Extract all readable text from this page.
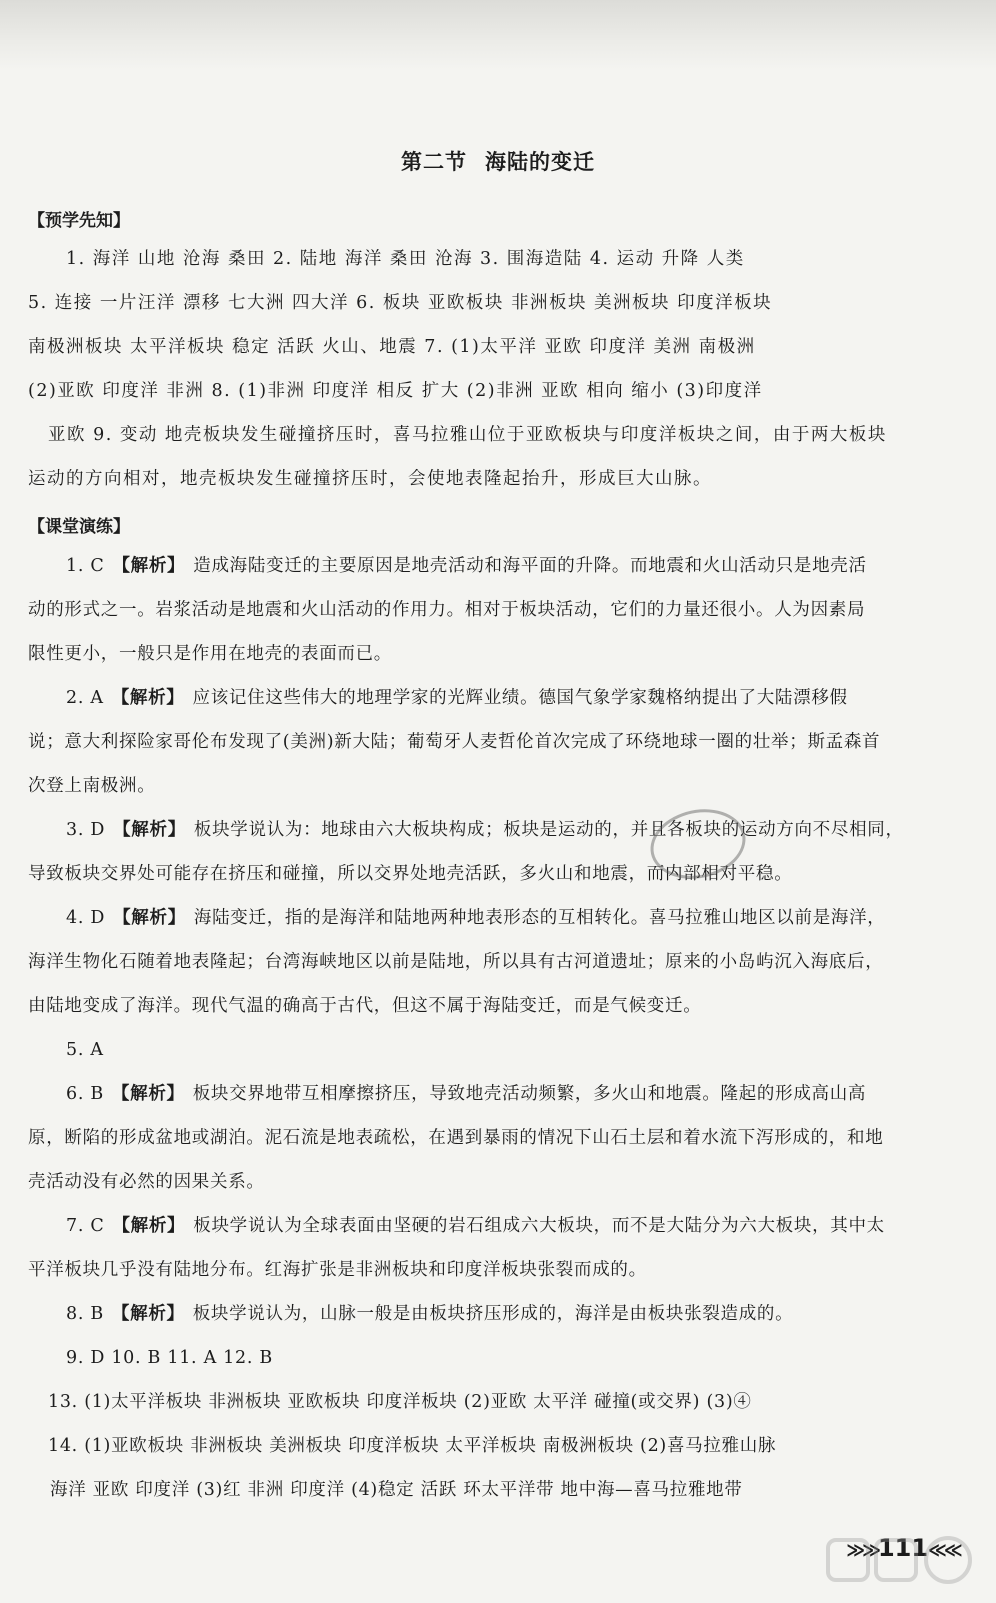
第二节 海陆的变迁
【预学先知】
1. 海洋 山地 沧海 桑田 2. 陆地 海洋 桑田 沧海 3. 围海造陆 4. 运动 升降 人类
5. 连接 一片汪洋 漂移 七大洲 四大洋 6. 板块 亚欧板块 非洲板块 美洲板块 印度洋板块
南极洲板块 太平洋板块 稳定 活跃 火山、地震 7. (1)太平洋 亚欧 印度洋 美洲 南极洲
(2)亚欧 印度洋 非洲 8. (1)非洲 印度洋 相反 扩大 (2)非洲 亚欧 相向 缩小 (3)印度洋
亚欧 9. 变动 地壳板块发生碰撞挤压时，喜马拉雅山位于亚欧板块与印度洋板块之间，由于两大板块
运动的方向相对，地壳板块发生碰撞挤压时，会使地表隆起抬升，形成巨大山脉。
【课堂演练】
1. C 【解析】 造成海陆变迁的主要原因是地壳活动和海平面的升降。而地震和火山活动只是地壳活
动的形式之一。岩浆活动是地震和火山活动的作用力。相对于板块活动，它们的力量还很小。人为因素局
限性更小，一般只是作用在地壳的表面而已。
2. A 【解析】 应该记住这些伟大的地理学家的光辉业绩。德国气象学家魏格纳提出了大陆漂移假
说；意大利探险家哥伦布发现了(美洲)新大陆；葡萄牙人麦哲伦首次完成了环绕地球一圈的壮举；斯孟森首
次登上南极洲。
3. D 【解析】 板块学说认为：地球由六大板块构成；板块是运动的，并且各板块的运动方向不尽相同，
导致板块交界处可能存在挤压和碰撞，所以交界处地壳活跃，多火山和地震，而内部相对平稳。
4. D 【解析】 海陆变迁，指的是海洋和陆地两种地表形态的互相转化。喜马拉雅山地区以前是海洋，
海洋生物化石随着地表隆起；台湾海峡地区以前是陆地，所以具有古河道遗址；原来的小岛屿沉入海底后，
由陆地变成了海洋。现代气温的确高于古代，但这不属于海陆变迁，而是气候变迁。
5. A
6. B 【解析】 板块交界地带互相摩擦挤压，导致地壳活动频繁，多火山和地震。隆起的形成高山高
原，断陷的形成盆地或湖泊。泥石流是地表疏松，在遇到暴雨的情况下山石土层和着水流下泻形成的，和地
壳活动没有必然的因果关系。
7. C 【解析】 板块学说认为全球表面由坚硬的岩石组成六大板块，而不是大陆分为六大板块，其中太
平洋板块几乎没有陆地分布。红海扩张是非洲板块和印度洋板块张裂而成的。
8. B 【解析】 板块学说认为，山脉一般是由板块挤压形成的，海洋是由板块张裂造成的。
9. D 10. B 11. A 12. B
13. (1)太平洋板块 非洲板块 亚欧板块 印度洋板块 (2)亚欧 太平洋 碰撞(或交界) (3)④
14. (1)亚欧板块 非洲板块 美洲板块 印度洋板块 太平洋板块 南极洲板块 (2)喜马拉雅山脉
海洋 亚欧 印度洋 (3)红 非洲 印度洋 (4)稳定 活跃 环太平洋带 地中海—喜马拉雅地带
≫≫111≪≪
